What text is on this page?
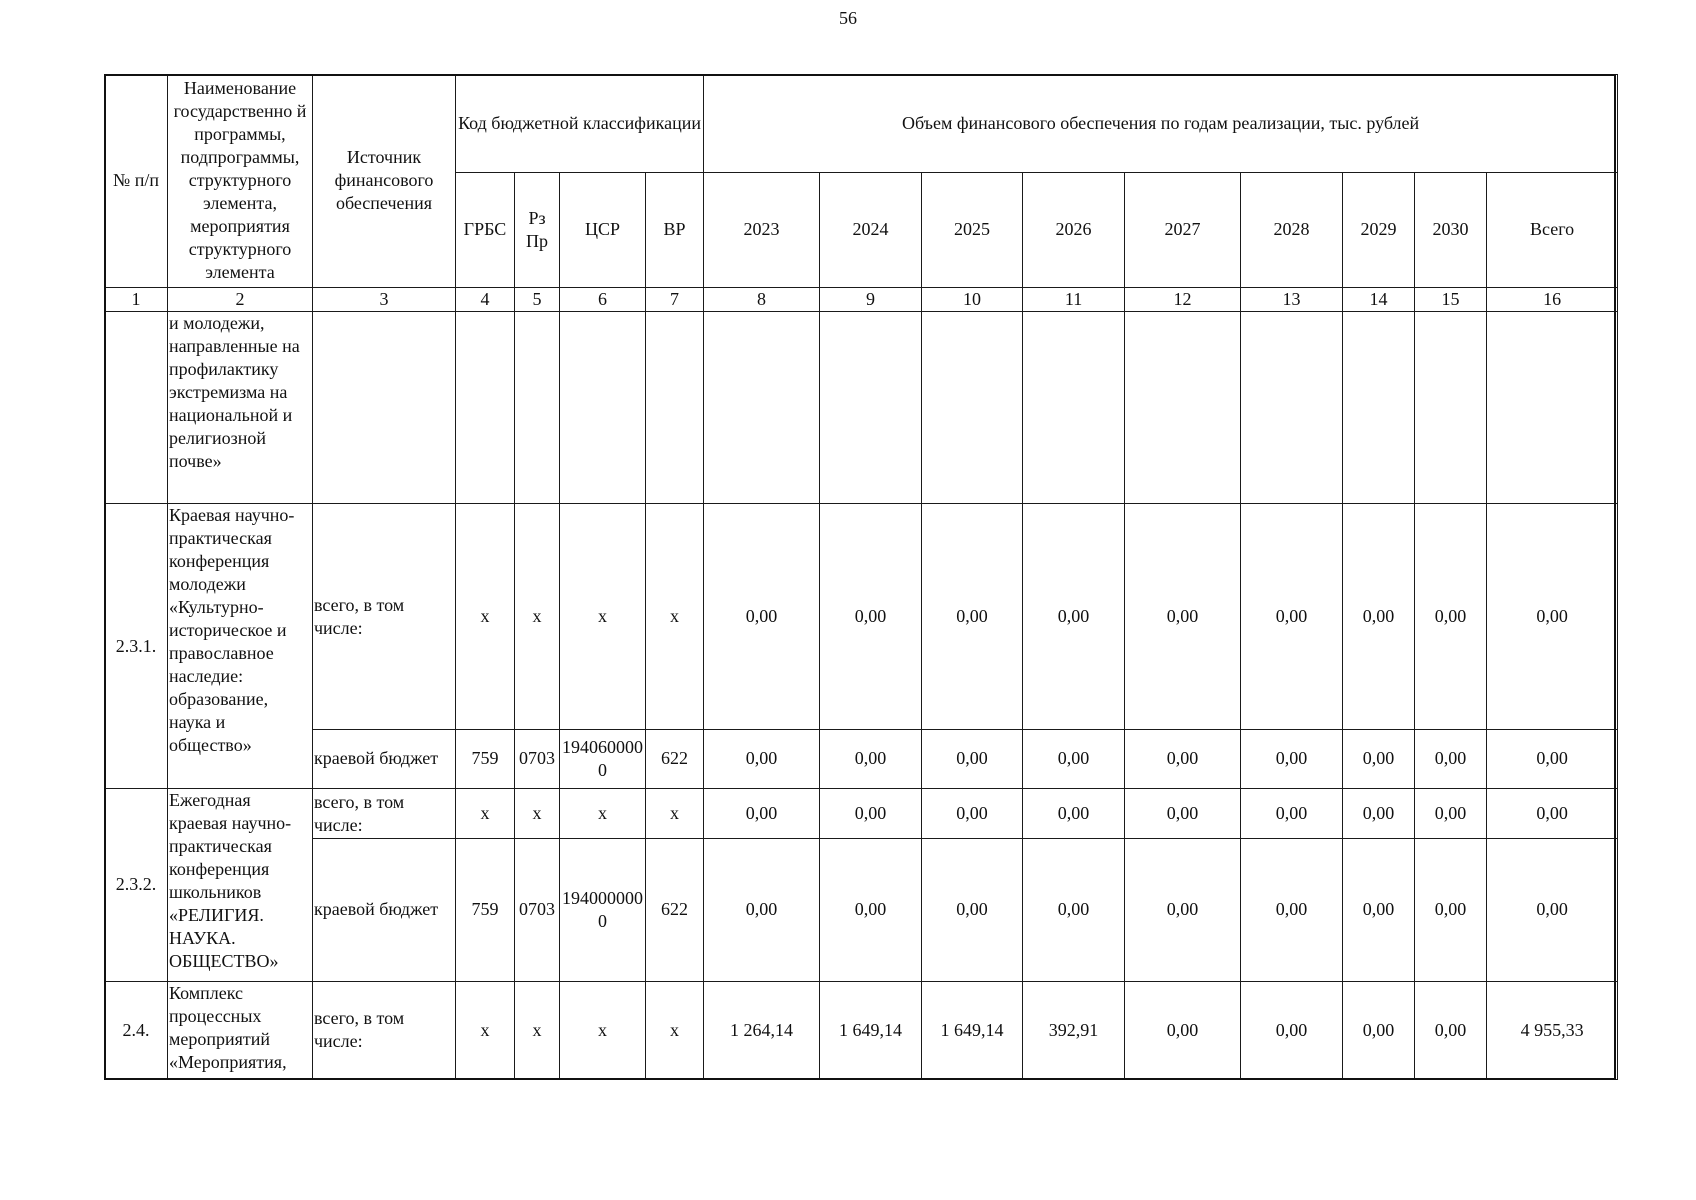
56
№ п/п	Наименование государственно й программы, подпрограммы, структурного элемента, мероприятия структурного элемента	Источник финансового обеспечения	Код бюджетной классификации				Объем финансового обеспечения по годам реализации, тыс. рублей								
			ГРБС	Рз Пр	ЦСР	ВР	2023	2024	2025	2026	2027	2028	2029	2030	Всего
1	2	3	4	5	6	7	8	9	10	11	12	13	14	15	16
	и молодежи, направленные на профилактику экстремизма на национальной и религиозной почве»														
2.3.1.	Краевая научно-практическая конференция молодежи «Культурно-историческое и православное наследие: образование, наука и общество»	всего, в том числе:	х	х	х	х	0,00	0,00	0,00	0,00	0,00	0,00	0,00	0,00	0,00
		краевой бюджет	759	0703	1940600000	622	0,00	0,00	0,00	0,00	0,00	0,00	0,00	0,00	0,00
2.3.2.	Ежегодная краевая научно-практическая конференция школьников «РЕЛИГИЯ. НАУКА. ОБЩЕСТВО»	всего, в том числе:	х	х	х	х	0,00	0,00	0,00	0,00	0,00	0,00	0,00	0,00	0,00
		краевой бюджет	759	0703	1940000000	622	0,00	0,00	0,00	0,00	0,00	0,00	0,00	0,00	0,00
2.4.	Комплекс процессных мероприятий «Мероприятия,	всего, в том числе:	х	х	х	х	1 264,14	1 649,14	1 649,14	392,91	0,00	0,00	0,00	0,00	4 955,33
